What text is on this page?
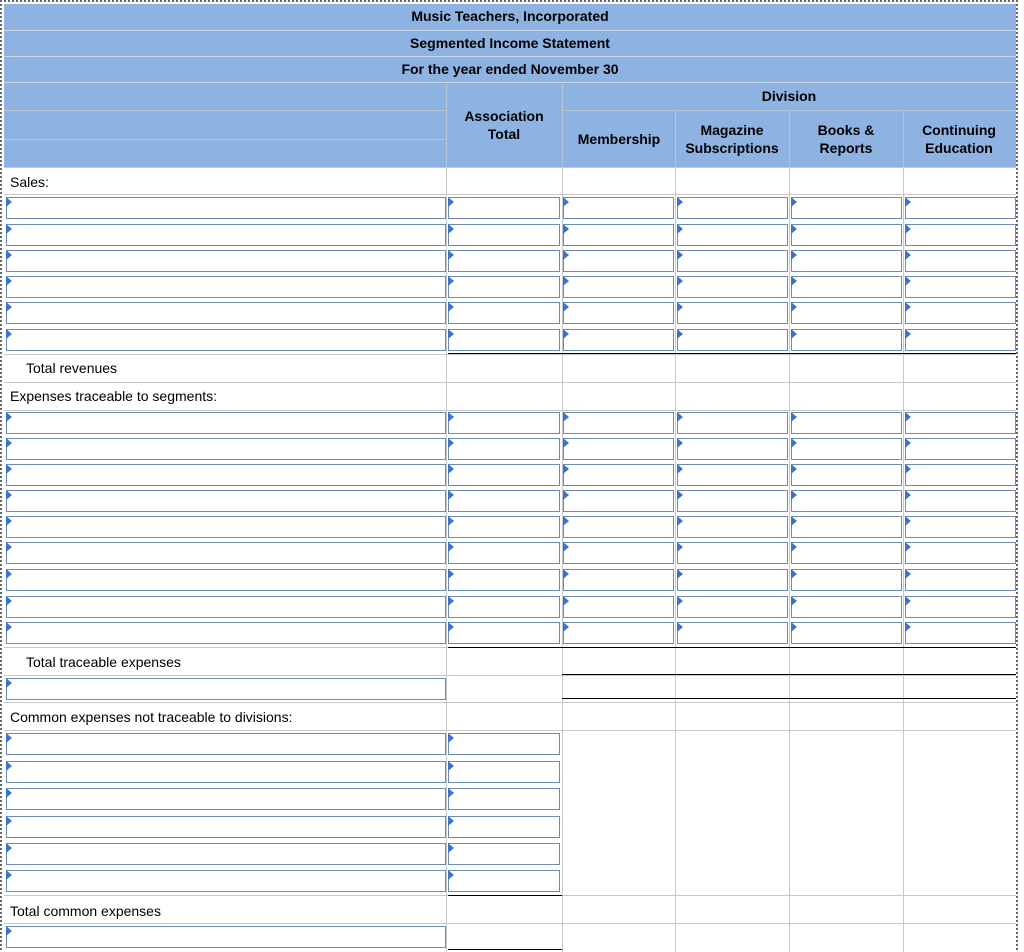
Music Teachers, Incorporated
Segmented Income Statement
For the year ended November 30
Division
Association Total	Membership
Magazine Subscriptions
Books & Reports
Continuing Education
Sales:
Total revenues
Expenses traceable to segments:
Total traceable expenses
Common expenses not traceable to divisions:
Total common expenses
